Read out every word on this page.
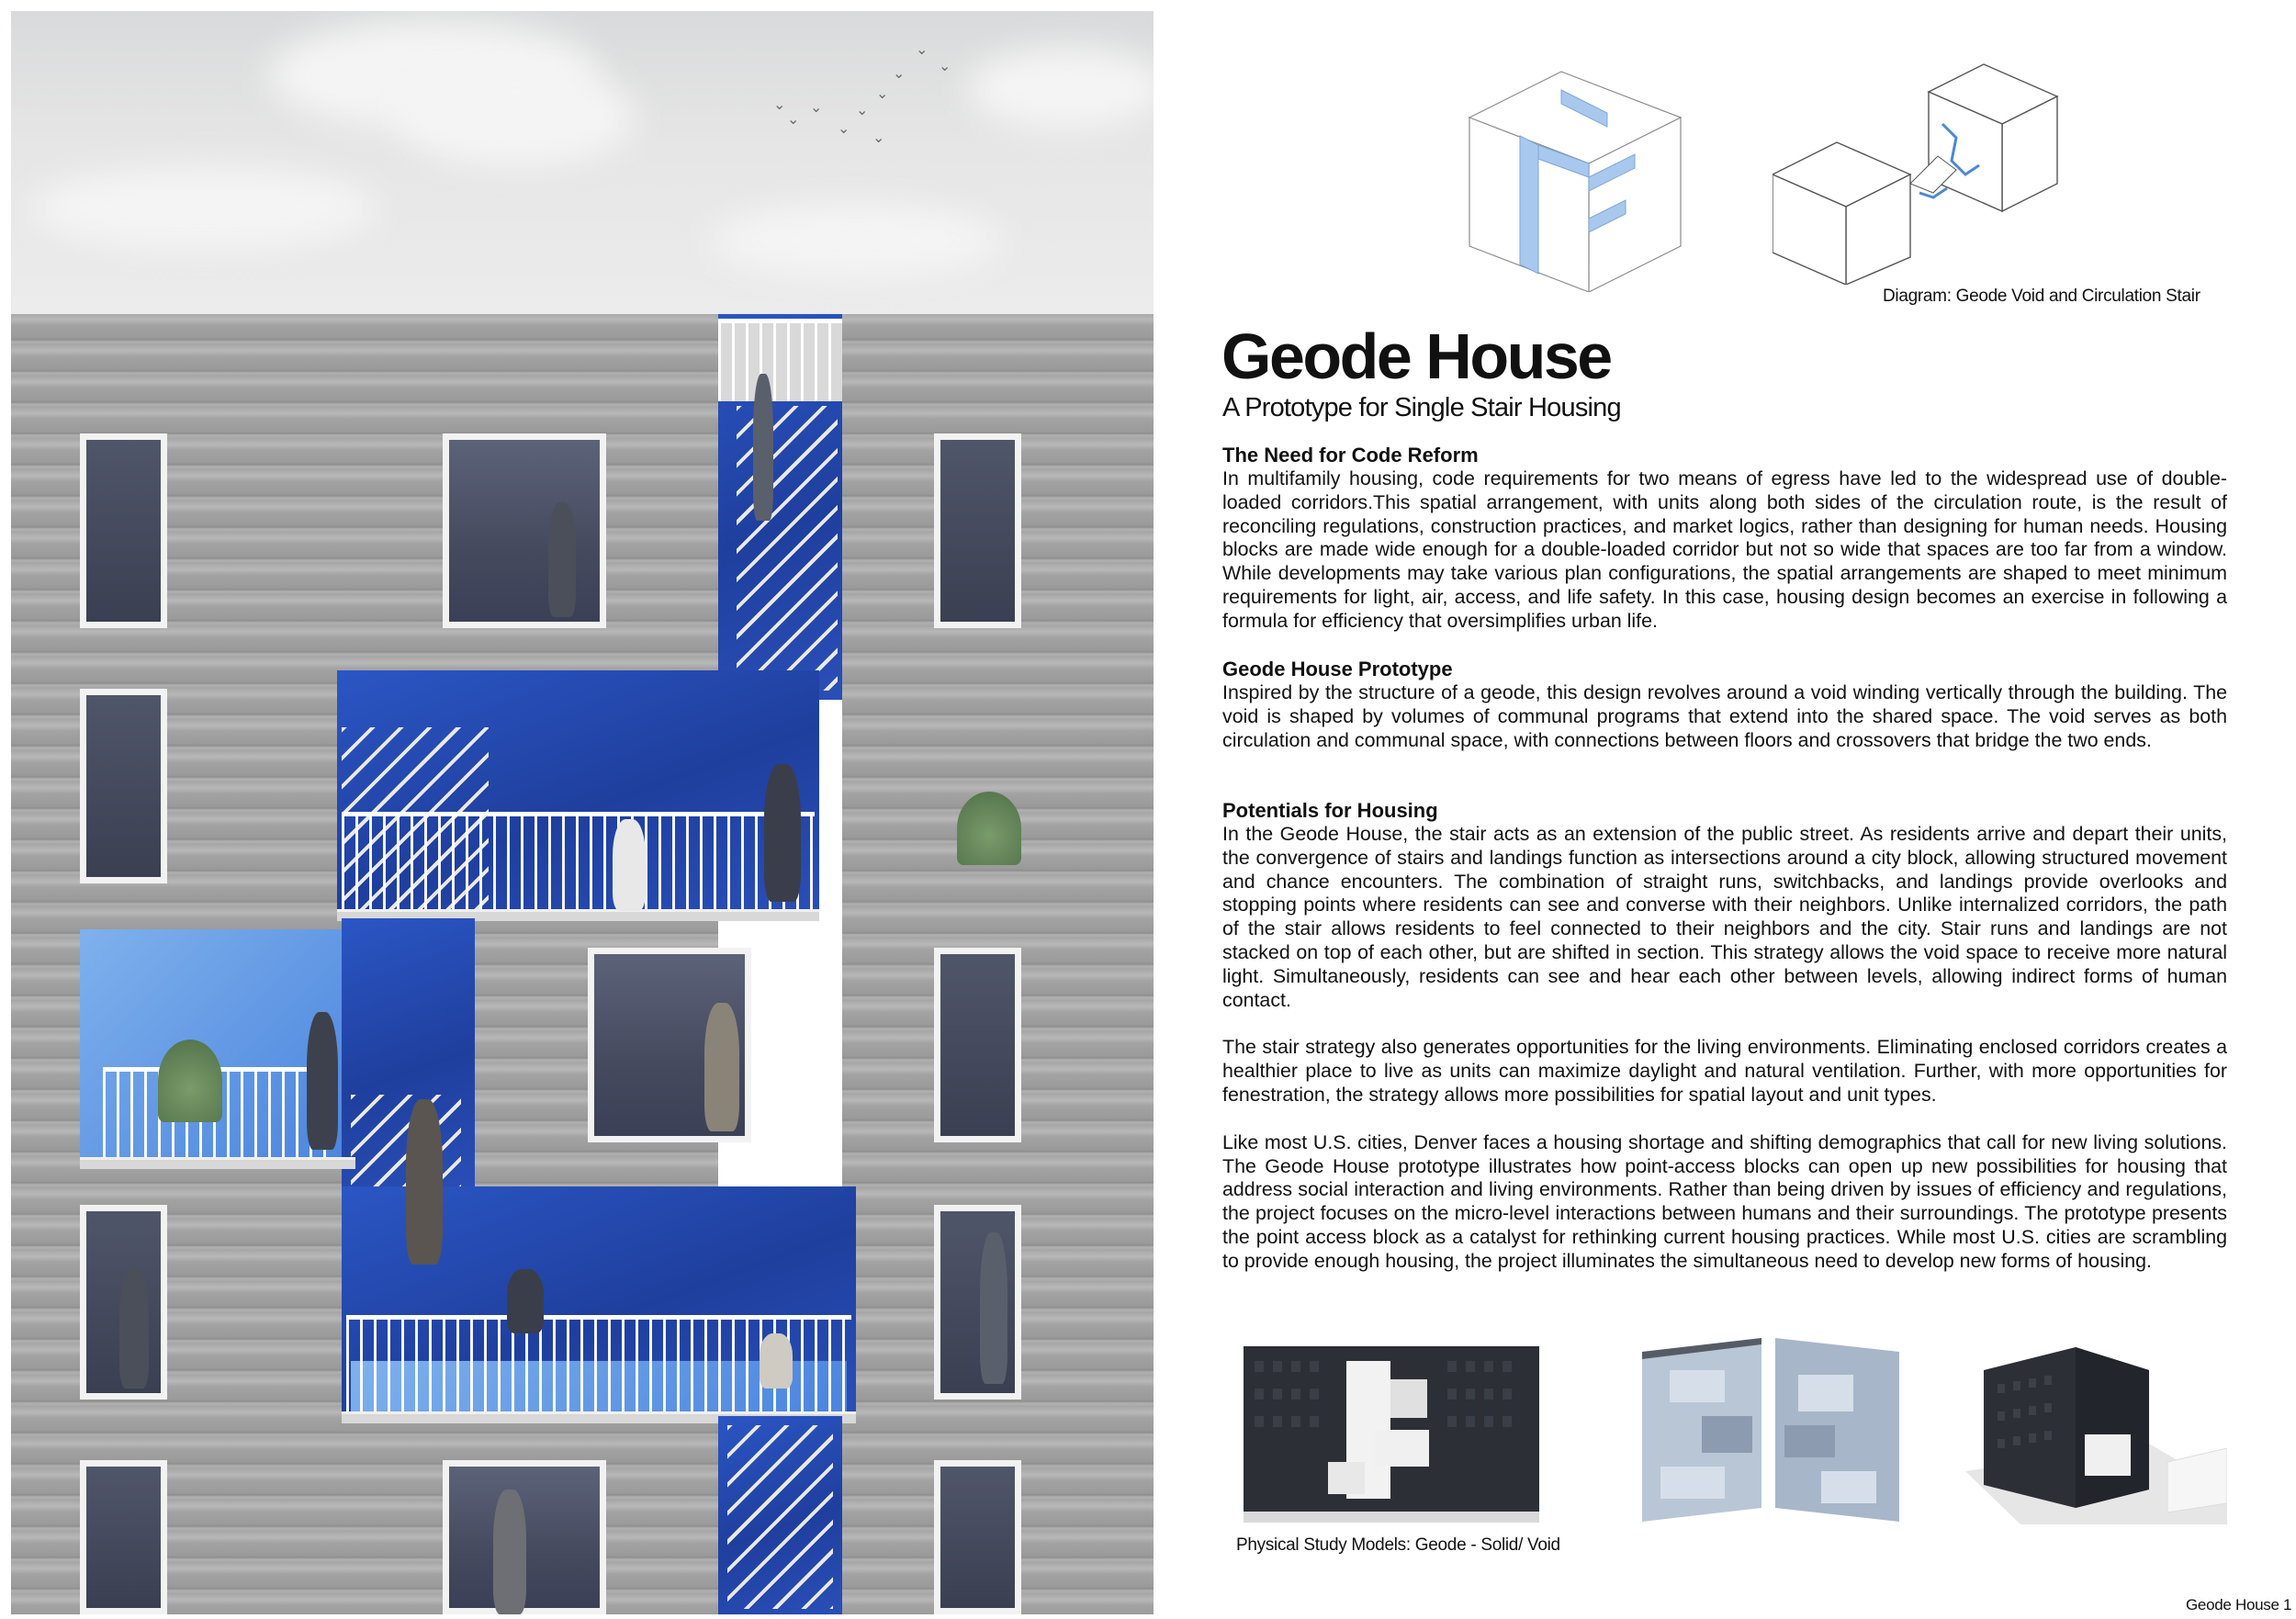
⌄
⌄
⌄
⌄
⌄
⌄
⌄
⌄
⌄
⌄
Diagram: Geode Void and Circulation Stair
Geode House
A Prototype for Single Stair Housing
The Need for Code Reform

In multifamily housing, code requirements for two means of egress have led to the widespread use of double-loaded corridors.This spatial arrangement, with units along both sides of the circulation route, is the result of reconciling regulations, construction practices, and market logics, rather than designing for human needs. Housing blocks are made wide enough for a double-loaded corridor but not so wide that spaces are too far from a window. While developments may take various plan configurations, the spatial arrangements are shaped to meet minimum requirements for light, air, access, and life safety. In this case, housing design becomes an exercise in following a formula for efficiency that oversimplifies urban life.

Geode House Prototype

Inspired by the structure of a geode, this design revolves around a void winding vertically through the building. The void is shaped by volumes of communal programs that extend into the shared space. The void serves as both circulation and communal space, with connections between floors and crossovers that bridge the two ends.

Potentials for Housing

In the Geode House, the stair acts as an extension of the public street. As residents arrive and depart their units, the convergence of stairs and landings function as intersections around a city block, allowing structured movement and chance encounters. The combination of straight runs, switchbacks, and landings provide overlooks and stopping points where residents can see and converse with their neighbors. Unlike internalized corridors, the path of the stair allows residents to feel connected to their neighbors and the city. Stair runs and landings are not stacked on top of each other, but are shifted in section. This strategy allows the void space to receive more natural light. Simultaneously, residents can see and hear each other between levels, allowing indirect forms of human contact.

The stair strategy also generates opportunities for the living environments. Eliminating enclosed corridors creates a healthier place to live as units can maximize daylight and natural ventilation. Further, with more opportunities for fenestration, the strategy allows more possibilities for spatial layout and unit types.

Like most U.S. cities, Denver faces a housing shortage and shifting demographics that call for new living solutions. The Geode House prototype illustrates how point-access blocks can open up new possibilities for housing that address social interaction and living environments. Rather than being driven by issues of efficiency and regulations, the project focuses on the micro-level interactions between humans and their surroundings. The prototype presents the point access block as a catalyst for rethinking current housing practices. While most U.S. cities are scrambling to provide enough housing, the project illuminates the simultaneous need to develop new forms of housing.

Physical Study Models: Geode - Solid/ Void
Geode House 1
